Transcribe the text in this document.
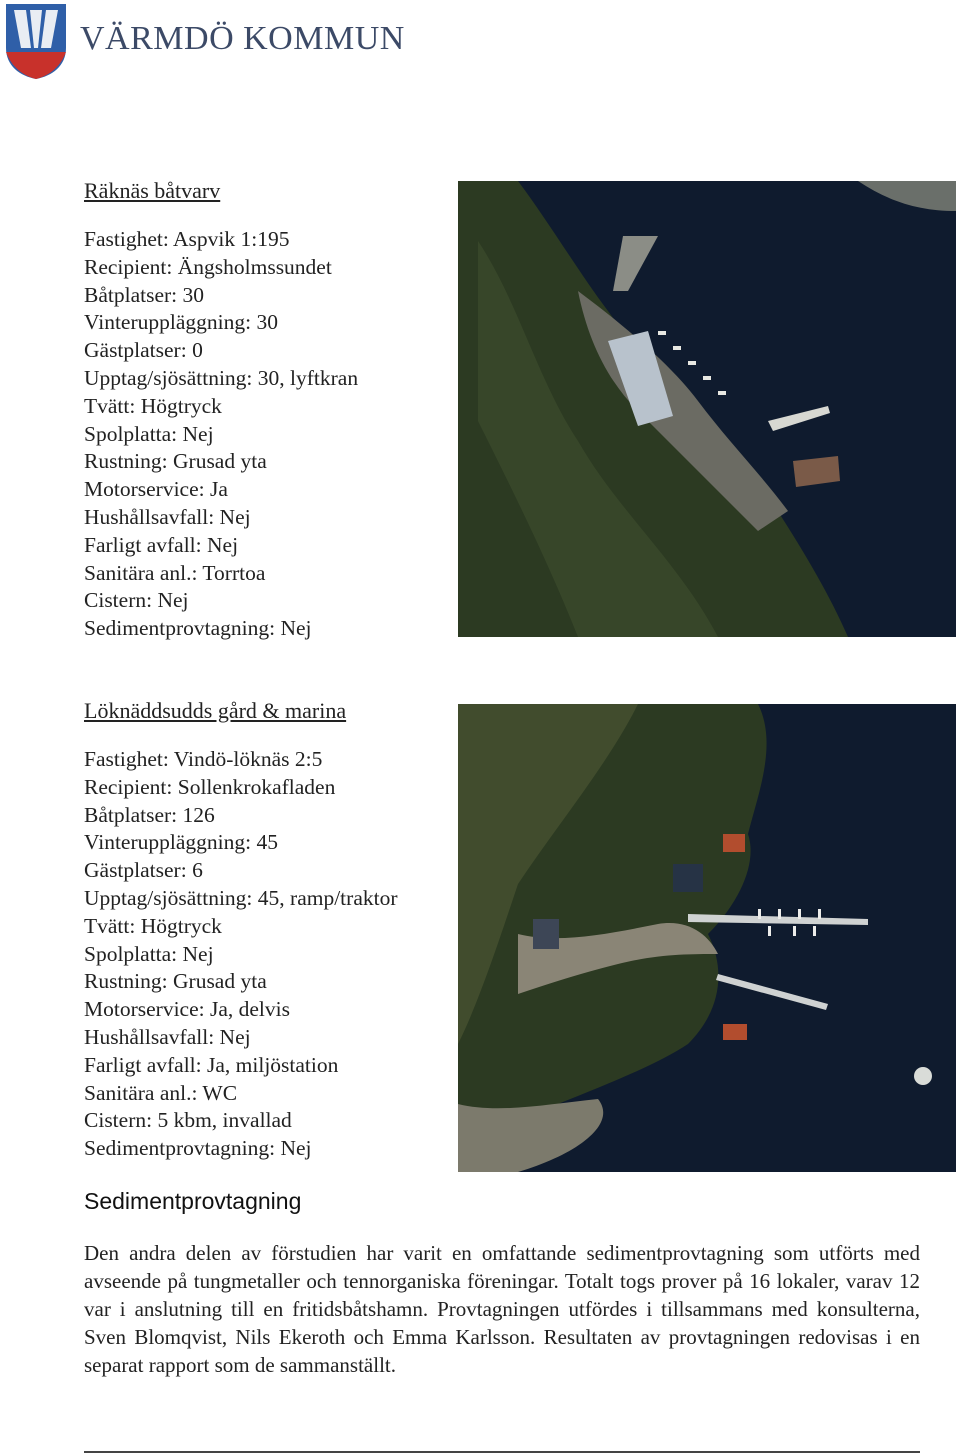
VÄRMDÖ KOMMUN
Räknäs båtvarv
Fastighet: Aspvik 1:195
Recipient: Ängsholmssundet
Båtplatser: 30
Vinteruppläggning: 30
Gästplatser: 0
Upptag/sjösättning: 30, lyftkran
Tvätt: Högtryck
Spolplatta: Nej
Rustning: Grusad yta
Motorservice: Ja
Hushållsavfall: Nej
Farligt avfall: Nej
Sanitära anl.: Torrtoa
Cistern: Nej
Sedimentprovtagning: Nej
Löknäddsudds gård & marina
Fastighet: Vindö-löknäs 2:5
Recipient: Sollenkrokafladen
Båtplatser: 126
Vinteruppläggning: 45
Gästplatser: 6
Upptag/sjösättning: 45, ramp/traktor
Tvätt: Högtryck
Spolplatta: Nej
Rustning: Grusad yta
Motorservice: Ja, delvis
Hushållsavfall: Nej
Farligt avfall: Ja, miljöstation
Sanitära anl.: WC
Cistern: 5 kbm, invallad
Sedimentprovtagning: Nej
Sedimentprovtagning

Den andra delen av förstudien har varit en omfattande sedimentprovtagning som utförts med avseende på tungmetaller och tennorganiska föreningar. Totalt togs prover på 16 lokaler, varav 12 var i anslutning till en fritidsbåtshamn. Provtagningen utfördes i tillsammans med konsulterna, Sven Blomqvist, Nils Ekeroth och Emma Karlsson. Resultaten av provtagningen redovisas i en separat rapport som de sammanställt.
